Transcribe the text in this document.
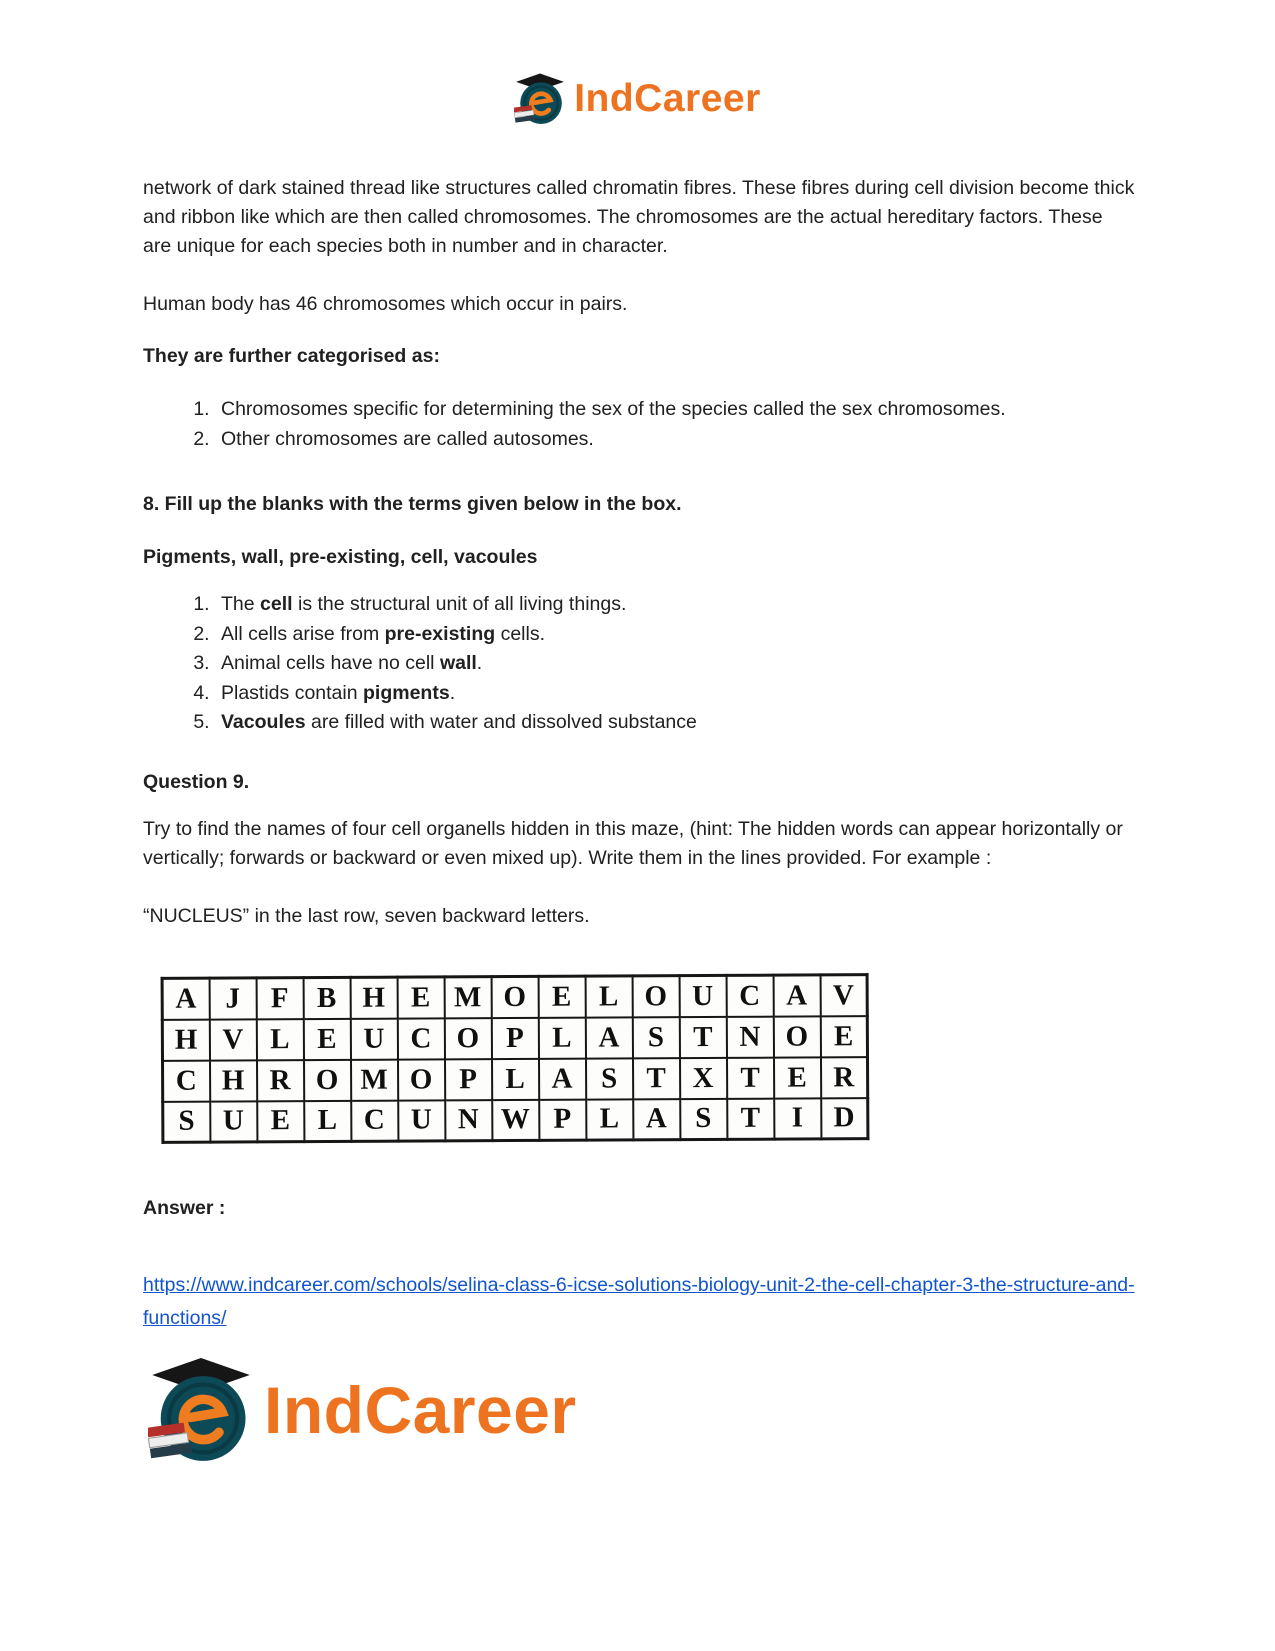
IndCareer

network of dark stained thread like structures called chromatin fibres. These fibres during cell division become thick and ribbon like which are then called chromosomes. The chromosomes are the actual hereditary factors. These are unique for each species both in number and in character.

Human body has 46 chromosomes which occur in pairs.

They are further categorised as:

1. Chromosomes specific for determining the sex of the species called the sex chromosomes.
2. Other chromosomes are called autosomes.

8. Fill up the blanks with the terms given below in the box.

Pigments, wall, pre-existing, cell, vacoules

1. The cell is the structural unit of all living things.
2. All cells arise from pre-existing cells.
3. Animal cells have no cell wall.
4. Plastids contain pigments.
5. Vacoules are filled with water and dissolved substance

Question 9.

Try to find the names of four cell organells hidden in this maze, (hint: The hidden words can appear horizontally or vertically; forwards or backward or even mixed up). Write them in the lines provided. For example :

“NUCLEUS” in the last row, seven backward letters.

A	J	F	B	H	E	M	O	E	L	O	U	C	A	V
H	V	L	E	U	C	O	P	L	A	S	T	N	O	E
C	H	R	O	M	O	P	L	A	S	T	X	T	E	R
S	U	E	L	C	U	N	W	P	L	A	S	T	I	D

Answer :

https://www.indcareer.com/schools/selina-class-6-icse-solutions-biology-unit-2-the-cell-chapter-3-the-structure-and-functions/

IndCareer
